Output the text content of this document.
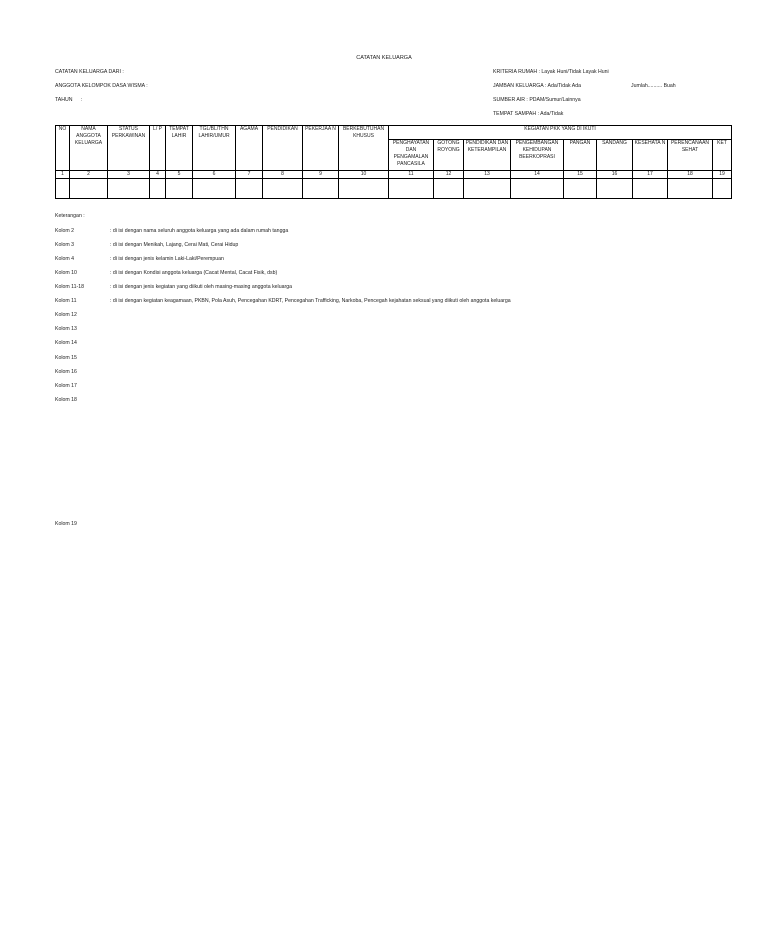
CATATAN KELUARGA
CATATAN KELUARGA DARI :
ANGGOTA KELOMPOK DASA WISMA :
TAHUN :
KRITERIA RUMAH : Layak Huni/Tidak Layak Huni
JAMBAN KELUARGA : Ada/Tidak Ada	Jumlah.......... Buah
SUMBER AIR : PDAM/Sumur/Lainnya
TEMPAT SAMPAH : Ada/Tidak
NO	NAMA ANGGOTA KELUARGA	STATUS PERKAWINAN	L/ P	TEMPAT LAHIR	TGL/BL/THN LAHIR/UMUR	AGAMA	PENDIDIKAN	PEKERJAA N	BERKEBUTUHAN KHUSUS	KEGIATAN PKK YANG DI IKUTI								
										PENGHAYATAN DAN PENGAMALAN PANCASILA	GOTONG ROYONG	PENDIDIKAN DAN KETERAMPILAN	PENGEMBANGAN KEHIDUPAN BEERKOPRASI	PANGAN	SANDANG	KESEHATA N	PERENCANAAN SEHAT	KET
1	2	3	4	5	6	7	8	9	10	11	12	13	14	15	16	17	18	19

Keterangan :
Kolom 2	: di isi dengan nama seluruh anggota keluarga yang ada dalam rumah tangga
Kolom 3	: di isi dengan Menikah, Lajang, Cerai Mati, Cerai Hidup
Kolom 4	: di isi dengan jenis kelamin Laki-Laki/Perempuan
Kolom 10	: di isi dengan Kondisi anggota keluarga (Cacat Mental, Cacat Fisik, dsb)
Kolom 11-18	: di isi dengan jenis kegiatan yang diikuti oleh masing-masing anggota keluarga
Kolom 11	: di isi dengan kegiatan keagamaan, PKBN, Pola Asuh, Pencegahan KDRT, Pencegahan Trafficking, Narkoba, Pencegah kejahatan seksual yang diikuti oleh anggota keluarga
Kolom 12
Kolom 13
Kolom 14
Kolom 15
Kolom 16
Kolom 17
Kolom 18
Kolom 19
